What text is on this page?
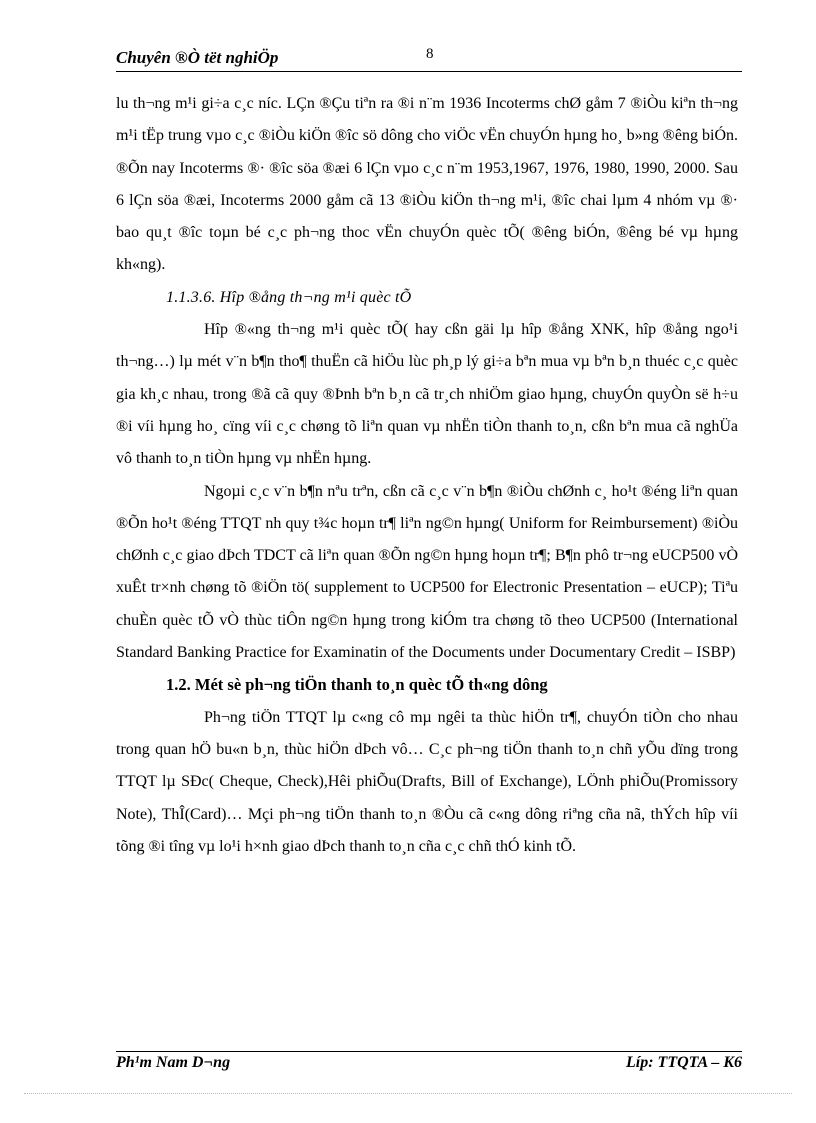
Chuyên ®Ò tët nghiÖp	8

lu th¬ng m¹i gi÷a c¸c níc. LÇn ®Çu tiªn ra ®i n¨m 1936 Incoterms chØ gåm 7 ®iÒu kiªn th¬ng m¹i tËp trung vµo c¸c ®iÒu kiÖn ®îc sö dông cho viÖc vËn chuyÓn hµng ho¸ b»ng ®êng biÓn. ®Õn nay Incoterms ®· ®îc söa ®æi 6 lÇn vµo c¸c n¨m 1953,1967, 1976, 1980, 1990, 2000. Sau 6 lÇn söa ®æi, Incoterms 2000 gåm cã 13 ®iÒu kiÖn th¬ng m¹i, ®îc chai lµm 4 nhóm vµ ®· bao qu¸t ®îc toµn bé c¸c ph¬ng thoc vËn chuyÓn quèc tÕ( ®êng biÓn, ®êng bé vµ hµng kh«ng).

1.1.3.6. Hîp ®ång th¬ng m¹i quèc tÕ

Hîp ®«ng th¬ng m¹i quèc tÕ( hay cßn gäi lµ hîp ®ång XNK, hîp ®ång ngo¹i th¬ng…) lµ mét v¨n b¶n tho¶ thuËn cã hiÖu lùc ph¸p lý gi÷a bªn mua vµ bªn b¸n thuéc c¸c quèc gia kh¸c nhau, trong ®ã cã quy ®Þnh bªn b¸n cã tr¸ch nhiÖm giao hµng, chuyÓn quyÒn së h÷u ®i víi hµng ho¸ cïng víi c¸c chøng tõ liªn quan vµ nhËn tiÒn thanh to¸n, cßn bªn mua cã nghÜa vô thanh to¸n tiÒn hµng vµ nhËn hµng.

Ngoµi c¸c v¨n b¶n nªu trªn, cßn cã c¸c v¨n b¶n ®iÒu chØnh c¸ ho¹t ®éng liªn quan ®Õn ho¹t ®éng TTQT nh quy t¾c hoµn tr¶ liªn ng©n hµng( Uniform for Reimbursement) ®iÒu chØnh c¸c giao dÞch TDCT cã liªn quan ®Õn ng©n hµng hoµn tr¶; B¶n phô tr¬ng eUCP500 vÒ xuÊt tr×nh chøng tõ ®iÖn tö( supplement to UCP500 for Electronic Presentation – eUCP); Tiªu chuÈn quèc tÕ vÒ thùc tiÔn ng©n hµng trong kiÓm tra chøng tõ theo UCP500 (International Standard Banking Practice for Examinatin of the Documents under Documentary Credit – ISBP)

1.2. Mét sè ph¬ng tiÖn thanh to¸n quèc tÕ th«ng dông

Ph¬ng tiÖn TTQT lµ c«ng cô mµ ngêi ta thùc hiÖn tr¶, chuyÓn tiÒn cho nhau trong quan hÖ bu«n b¸n, thùc hiÖn dÞch vô… C¸c ph¬ng tiÖn thanh to¸n chñ yÕu dïng trong TTQT lµ SÐc( Cheque, Check),Hêi phiÕu(Drafts, Bill of Exchange), LÖnh phiÕu(Promissory Note), ThÎ(Card)… Mçi ph¬ng tiÖn thanh to¸n ®Òu cã c«ng dông riªng cña nã, thÝch hîp víi tõng ®i tîng vµ lo¹i h×nh giao dÞch thanh to¸n cña c¸c chñ thÓ kinh tÕ.

Ph¹m Nam D¬ng	Líp: TTQTA – K6
